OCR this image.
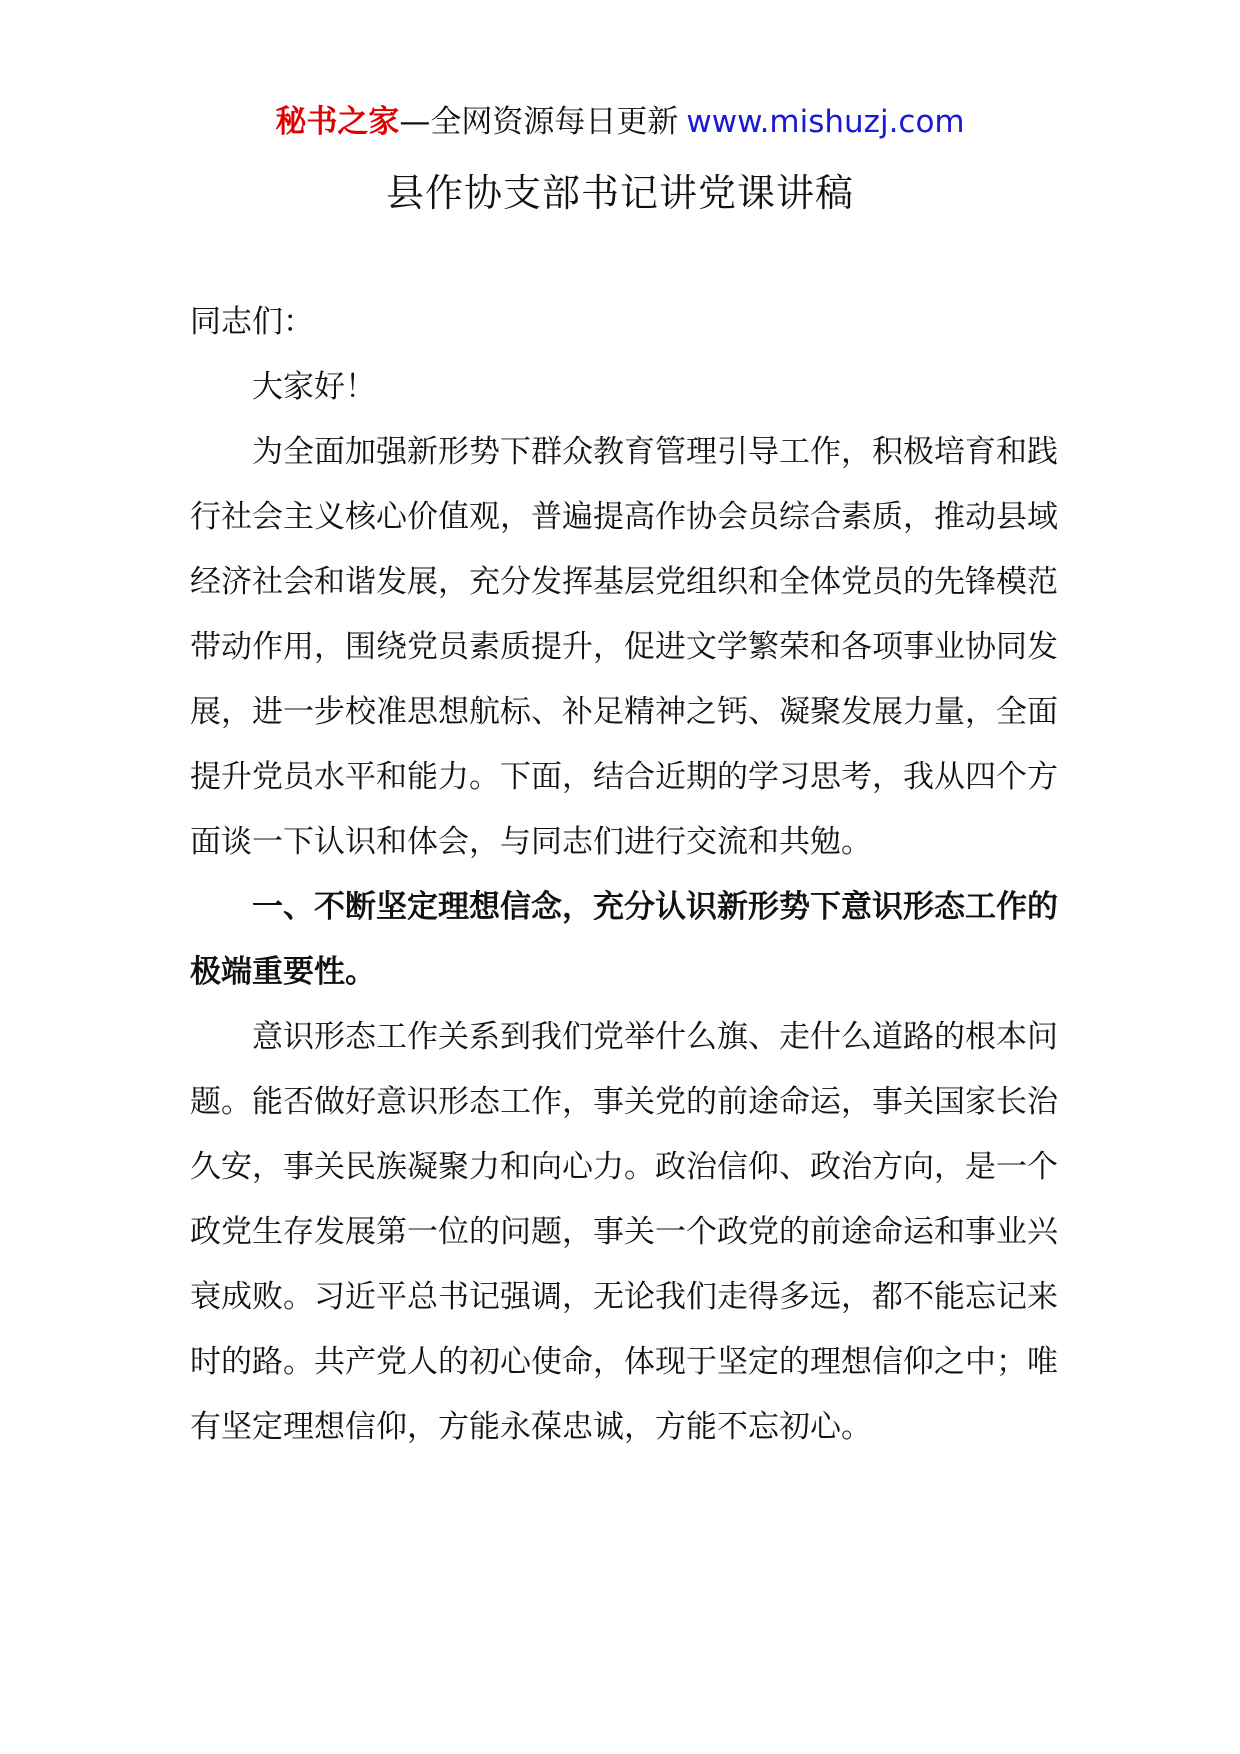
秘书之家—全网资源每日更新 www.mishuzj.com
县作协支部书记讲党课讲稿

同志们：

大家好！

为全面加强新形势下群众教育管理引导工作，积极培育和践行社会主义核心价值观，普遍提高作协会员综合素质，推动县域经济社会和谐发展，充分发挥基层党组织和全体党员的先锋模范带动作用，围绕党员素质提升，促进文学繁荣和各项事业协同发展，进一步校准思想航标、补足精神之钙、凝聚发展力量，全面提升党员水平和能力。下面，结合近期的学习思考，我从四个方面谈一下认识和体会，与同志们进行交流和共勉。

一、不断坚定理想信念，充分认识新形势下意识形态工作的极端重要性。

意识形态工作关系到我们党举什么旗、走什么道路的根本问题。能否做好意识形态工作，事关党的前途命运，事关国家长治久安，事关民族凝聚力和向心力。政治信仰、政治方向，是一个政党生存发展第一位的问题，事关一个政党的前途命运和事业兴衰成败。习近平总书记强调，无论我们走得多远，都不能忘记来时的路。共产党人的初心使命，体现于坚定的理想信仰之中；唯有坚定理想信仰，方能永葆忠诚，方能不忘初心。
